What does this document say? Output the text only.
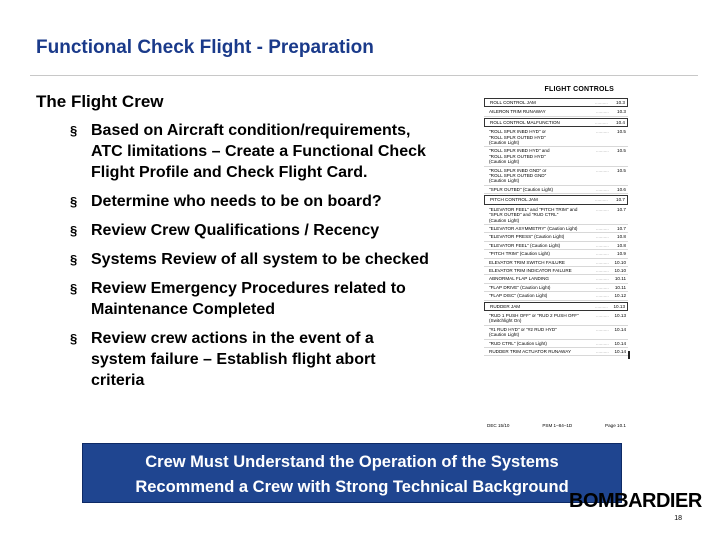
Functional Check Flight - Preparation
The Flight Crew
§ Based on Aircraft condition/requirements, ATC limitations – Create a Functional Check Flight Profile and Check Flight Card.
§ Determine who needs to be on board?
§ Review Crew Qualifications / Recency
§ Systems Review of all system to be checked
§ Review Emergency Procedures related to Maintenance Completed
§ Review crew actions in the event of a system failure – Establish flight abort criteria
FLIGHT CONTROLS
ROLL CONTROL JAM	..........	10.3
AILERON TRIM RUNAWAY	..........	10.3
ROLL CONTROL MALFUNCTION	..........	10.4
"ROLL SPLR INBD HYD" or
"ROLL SPLR OUTBD HYD"
(Caution Light)
..........	10.5
"ROLL SPLR INBD HYD" and
"ROLL SPLR OUTBD HYD"
(Caution Light)
..........	10.5
"ROLL SPLR INBD GND" or
"ROLL SPLR OUTBD GND"
(Caution Light)
..........	10.5
"SPLR OUTBD" (Caution Light)	..........	10.6
PITCH CONTROL JAM	..........	10.7
"ELEVATOR FEEL" and "PITCH TRIM" and
"SPLR OUTBD" and "RUD CTRL"
(Caution Light)
..........	10.7
"ELEVATOR ASYMMETRY" (Caution Light)	..........	10.7
"ELEVATOR PRESS" (Caution Light)	..........	10.8
"ELEVATOR FEEL" (Caution Light)	..........	10.8
"PITCH TRIM" (Caution Light)	..........	10.9
ELEVATOR TRIM SWITCH FAILURE	..........	10.10
ELEVATOR TRIM INDICATOR FAILURE	..........	10.10
ABNORMAL FLAP LANDING	..........	10.11
"FLAP DRIVE" (Caution Light)	..........	10.11
"FLAP DISC" (Caution Light)	..........	10.12
RUDDER JAM	..........	10.13
"RUD 1 PUSH OFF" or "RUD 2 PUSH OFF"
(Switchlight On)
..........	10.13
"#1 RUD HYD" or "#2 RUD HYD"
(Caution Light)
..........	10.14
"RUD CTRL" (Caution Light)	..........	10.14
RUDDER TRIM ACTUATOR RUNAWAY	..........	10.14
DEC 15/10	PSM 1–84–1D	Page 10.1
Crew Must Understand the Operation of the Systems
Recommend a Crew with Strong Technical Background
BOMBARDIER
18
